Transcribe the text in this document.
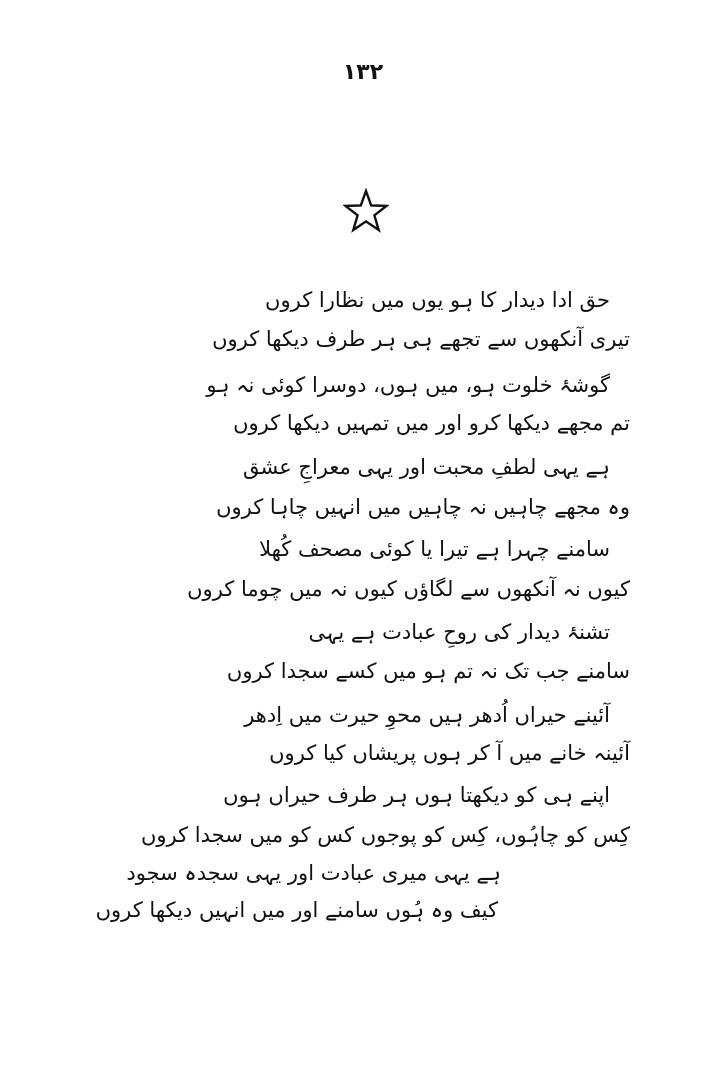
۱۳۲
حق ادا دیدار کا ہو یوں میں نظارا کروں
تیری آنکھوں سے تجھے ہی ہر طرف دیکھا کروں
گوشۂ خلوت ہو، میں ہوں، دوسرا کوئی نہ ہو
تم مجھے دیکھا کرو اور میں تمہیں دیکھا کروں
ہے یہی لطفِ محبت اور یہی معراجِ عشق
وہ مجھے چاہیں نہ چاہیں میں انہیں چاہا کروں
سامنے چہرا ہے تیرا یا کوئی مصحف کُھلا
کیوں نہ آنکھوں سے لگاؤں کیوں نہ میں چوما کروں
تشنۂ دیدار کی روحِ عبادت ہے یہی
سامنے جب تک نہ تم ہو میں کسے سجدا کروں
آئینے حیراں اُدھر ہیں محوِ حیرت میں اِدھر
آئینہ خانے میں آ کر ہوں پریشاں کیا کروں
اپنے ہی کو دیکھتا ہوں ہر طرف حیراں ہوں
کِس کو چاہُوں، کِس کو پوجوں کس کو میں سجدا کروں
ہے یہی میری عبادت اور یہی سجدہ سجود
کیف وہ ہُوں سامنے اور میں انہیں دیکھا کروں
